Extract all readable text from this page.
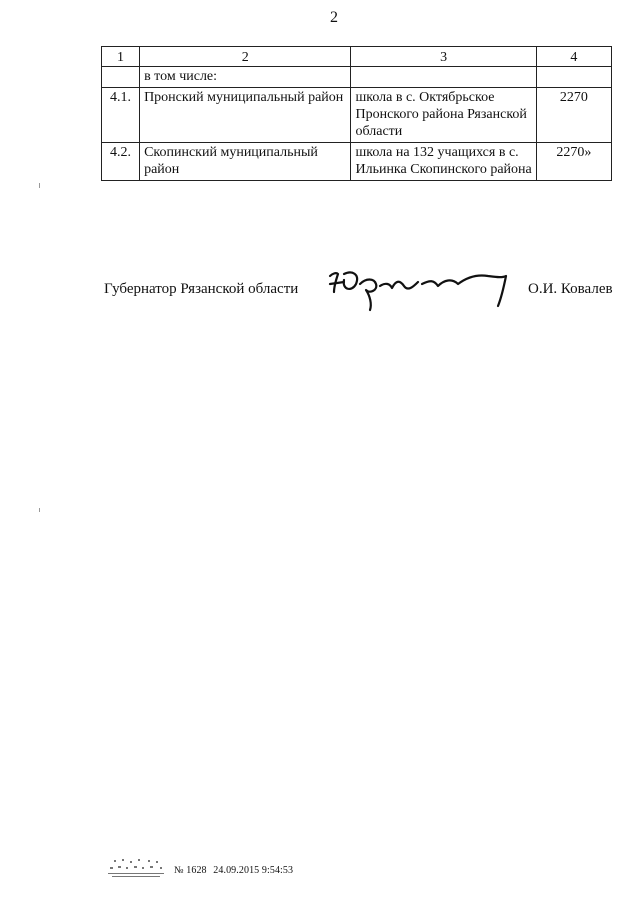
2
1	2	3	4
	в том числе:		
4.1.	Пронский муниципальный район	школа в с. Октябрьское Пронского района Рязанской области	2270
4.2.	Скопинский муниципальный район	школа на 132 учащихся в с. Ильинка Скопинского района	2270»
Губернатор Рязанской области	О.И. Ковалев
№ 1628 24.09.2015 9:54:53
